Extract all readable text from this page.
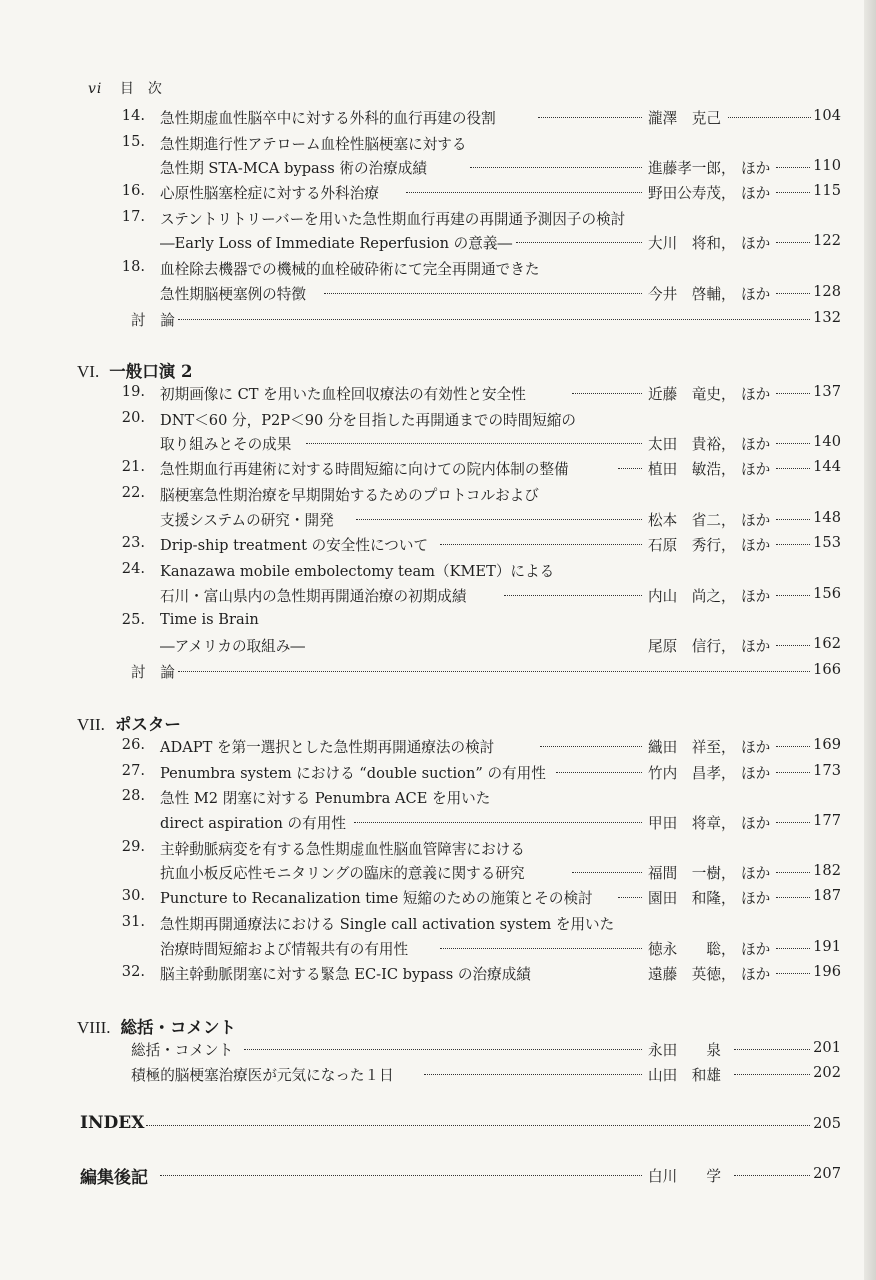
vi 目次
14. 急性期虚血性脳卒中に対する外科的血行再建の役割	瀧澤　克己	104
15. 急性期進行性アテローム血栓性脳梗塞に対する
急性期 STA-MCA bypass 術の治療成績	進藤孝一郎， ほか	110
16. 心原性脳塞栓症に対する外科治療	野田公寿茂， ほか	115
17. ステントリトリーバーを用いた急性期血行再建の再開通予測因子の検討
―Early Loss of Immediate Reperfusion の意義―	大川　将和， ほか	122
18. 血栓除去機器での機械的血栓破砕術にて完全再開通できた
急性期脳梗塞例の特徴	今井　啓輔， ほか	128
討　論	132
VI. 一般口演 2
19. 初期画像に CT を用いた血栓回収療法の有効性と安全性	近藤　竜史， ほか	137
20. DNT＜60 分，P2P＜90 分を目指した再開通までの時間短縮の
取り組みとその成果	太田　貴裕， ほか	140
21. 急性期血行再建術に対する時間短縮に向けての院内体制の整備	植田　敏浩， ほか	144
22. 脳梗塞急性期治療を早期開始するためのプロトコルおよび
支援システムの研究・開発	松本　省二， ほか	148
23. Drip-ship treatment の安全性について	石原　秀行， ほか	153
24. Kanazawa mobile embolectomy team（KMET）による
石川・富山県内の急性期再開通治療の初期成績	内山　尚之， ほか	156
25. Time is Brain
―アメリカの取組み―	尾原　信行， ほか	162
討　論	166
VII. ポスター
26. ADAPT を第一選択とした急性期再開通療法の検討	織田　祥至， ほか	169
27. Penumbra system における “double suction” の有用性	竹内　昌孝， ほか	173
28. 急性 M2 閉塞に対する Penumbra ACE を用いた
direct aspiration の有用性	甲田　将章， ほか	177
29. 主幹動脈病変を有する急性期虚血性脳血管障害における
抗血小板反応性モニタリングの臨床的意義に関する研究	福間　一樹， ほか	182
30. Puncture to Recanalization time 短縮のための施策とその検討	園田　和隆， ほか	187
31. 急性期再開通療法における Single call activation system を用いた
治療時間短縮および情報共有の有用性	徳永　　聡， ほか	191
32. 脳主幹動脈閉塞に対する緊急 EC-IC bypass の治療成績	遠藤　英徳， ほか	196
VIII. 総括・コメント
総括・コメント	永田　　泉	201
積極的脳梗塞治療医が元気になった１日	山田　和雄	202
INDEX	205
編集後記	白川　　学	207
